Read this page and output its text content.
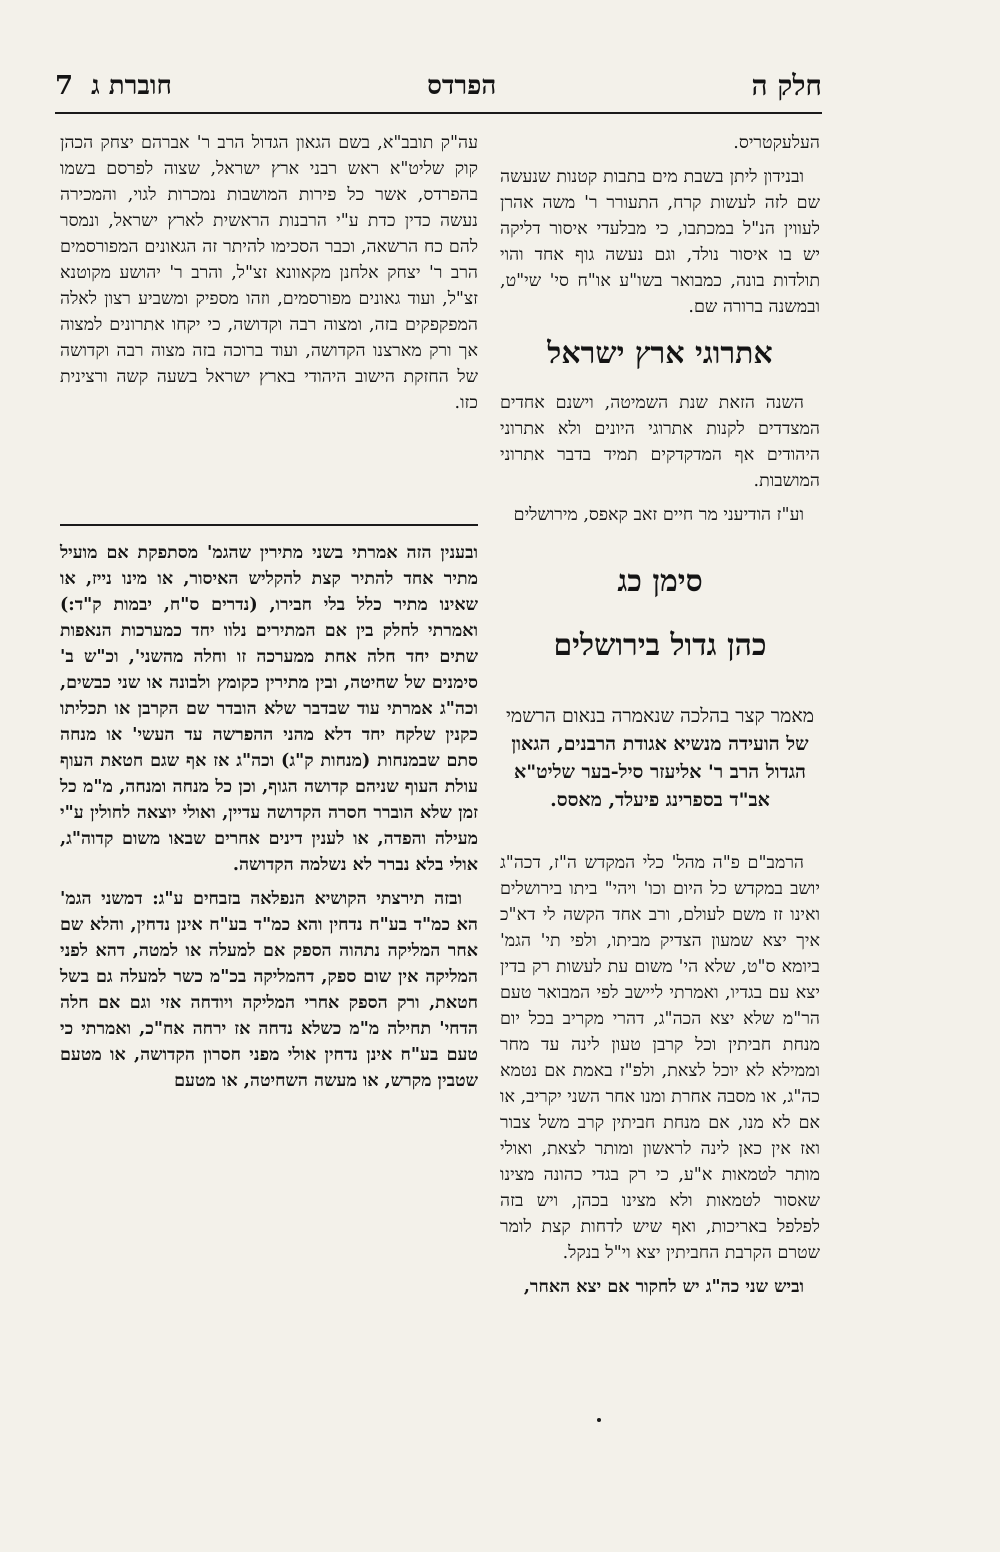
חלק ה
הפרדס
חוברת ג
7

העלעקטריס.

ובנידון ליתן בשבת מים בתבות קטנות שנעשה שם לזה לעשות קרח, התעורר ר' משה אהרן לעווין הנ"ל במכתבו, כי מבלעדי איסור דליקה יש בו איסור נולד, וגם נעשה גוף אחד והוי תולדות בונה, כמבואר בשו"ע או"ח סי' שי"ט, ובמשנה ברורה שם.

אתרוגי ארץ ישראל

השנה הזאת שנת השמיטה, וישנם אחדים המצדדים לקנות אתרוגי היונים ולא אתרוני היהודים אף המדקדקים תמיד בדבר אתרוני המושבות.

וע"ז הודיעני מר חיים זאב קאפס, מירושלים

סימן כג
כהן גדול בירושלים
מאמר קצר בהלכה שנאמרה בנאום הרשמי של הועידה מנשיא אגודת הרבנים, הגאון הגדול הרב ר' אליעזר סיל-בער שליט"א אב"ד בספרינג פיעלד, מאסס.

הרמב"ם פ"ה מהל' כלי המקדש ה"ז, דכה"ג יושב במקדש כל היום וכו' ויהי" ביתו בירושלים ואינו זז משם לעולם, ורב אחד הקשה לי דא"כ איך יצא שמעון הצדיק מביתו, ולפי תי' הגמ' ביומא ס"ט, שלא הי' משום עת לעשות רק בדין יצא עם בגדיו, ואמרתי ליישב לפי המבואר טעם הר"מ שלא יצא הכה"ג, דהרי מקריב בכל יום מנחת חביתין וכל קרבן טעון לינה עד מחר וממילא לא יוכל לצאת, ולפ"ז באמת אם נטמא כה"ג, או מסבה אחרת ומנו אחר השני יקריב, או אם לא מנו, אם מנחת חביתין קרב משל צבור ואז אין כאן לינה לראשון ומותר לצאת, ואולי מותר לטמאות א"ע, כי רק בגדי כהונה מצינו שאסור לטמאות ולא מצינו בכהן, ויש בזה לפלפל באריכות, ואף שיש לדחות קצת לומר שטרם הקרבת החביתין יצא וי"ל בנקל.

וביש שני כה"ג יש לחקור אם יצא האחר,

עה"ק תובב"א, בשם הגאון הגדול הרב ר' אברהם יצחק הכהן קוק שליט"א ראש רבני ארץ ישראל, שצוה לפרסם בשמו בהפרדס, אשר כל פירות המושבות נמכרות לגוי, והמכירה נעשה כדין כדת ע"י הרבנות הראשית לארץ ישראל, ונמסר להם כח הרשאה, וכבר הסכימו להיתר זה הגאונים המפורסמים הרב ר' יצחק אלחנן מקאוונא זצ"ל, והרב ר' יהושע מקוטנא זצ"ל, ועוד גאונים מפורסמים, וזהו מספיק ומשביע רצון לאלה המפקפקים בזה, ומצוה רבה וקדושה, כי יקחו אתרונים למצוה אך ורק מארצנו הקדושה, ועוד ברוכה בזה מצוה רבה וקדושה של החזקת הישוב היהודי בארץ ישראל בשעה קשה ורצינית כזו.

ובענין הזה אמרתי בשני מתירין שהגמ' מסתפקת אם מועיל מתיר אחד להתיר קצת להקליש האיסור, או מינו נייז, או שאינו מתיר כלל בלי חבירו, (נדרים ס"ח, יבמות ק"ד:) ואמרתי לחלק בין אם המתירים נלוו יחד כמערכות הנאפות שתים יחד חלה אחת ממערכה זו וחלה מהשני', וכ"ש ב' סימנים של שחיטה, ובין מתירין כקומץ ולבונה או שני כבשים, וכה"ג אמרתי עוד שבדבר שלא הובדר שם הקרבן או תכליתו כקנין שלקח יחד דלא מהני ההפרשה עד העשי' או מנחה סתם שבמנחות (מנחות ק"ג) וכה"ג אז אף שגם חטאת העוף עולת העוף שניהם קדושה הגוף, וכן כל מנחה ומנחה, מ"מ כל זמן שלא הוברר חסרה הקדושה עדיין, ואולי יוצאה לחולין ע"י מעילה והפדה, או לענין דינים אחרים שבאו משום קדוה"ג, אולי בלא נברר לא נשלמה הקדושה.

ובזה תירצתי הקושיא הנפלאה בזבחים ע"ג: דמשני הגמ' הא כמ"ד בע"ח נדחין והא כמ"ד בע"ח אינן נדחין, והלא שם אחר המליקה נתהוה הספק אם למעלה או למטה, דהא לפני המליקה אין שום ספק, דהמליקה בכ"מ כשר למעלה גם בשל חטאת, ורק הספק אחרי המליקה ויודחה אזי וגם אם חלה הדחי' תחילה מ"מ כשלא נדחה אז ירחה אח"כ, ואמרתי כי טעם בע"ח אינן נדחין אולי מפני חסרון הקדושה, או מטעם שטבין מקרש, או מעשה השחיטה, או מטעם
